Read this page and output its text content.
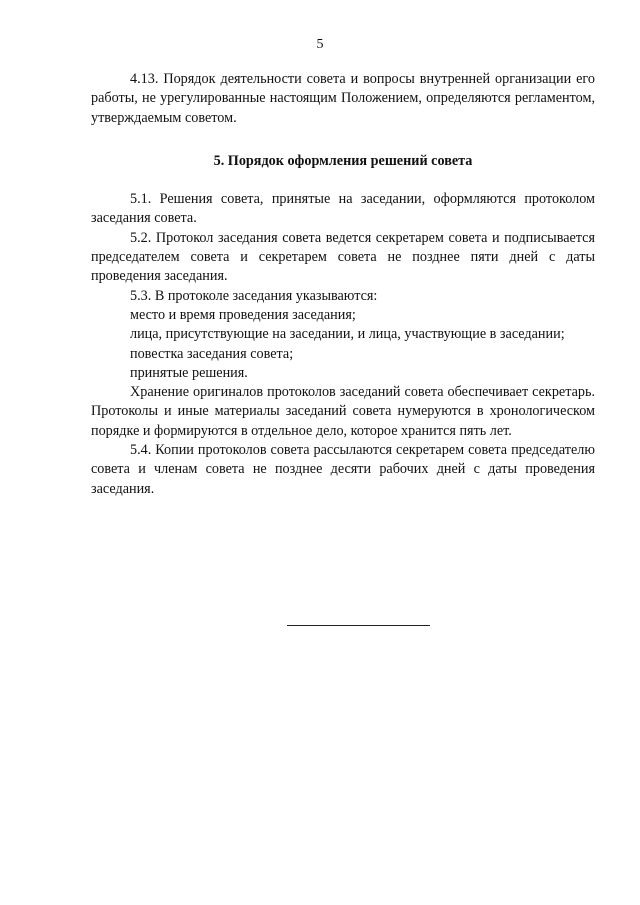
5

4.13. Порядок деятельности совета и вопросы внутренней организации его работы, не урегулированные настоящим Положением, определяются регламентом, утверждаемым советом.

5. Порядок оформления решений совета

5.1. Решения совета, принятые на заседании, оформляются протоколом заседания совета.

5.2. Протокол заседания совета ведется секретарем совета и подписывается председателем совета и секретарем совета не позднее пяти дней с даты проведения заседания.

5.3. В протоколе заседания указываются:

место и время проведения заседания;

лица, присутствующие на заседании, и лица, участвующие в заседании;

повестка заседания совета;

принятые решения.

Хранение оригиналов протоколов заседаний совета обеспечивает секретарь. Протоколы и иные материалы заседаний совета нумеруются в хронологическом порядке и формируются в отдельное дело, которое хранится пять лет.

5.4. Копии протоколов совета рассылаются секретарем совета председателю совета и членам совета не позднее десяти рабочих дней с даты проведения заседания.
